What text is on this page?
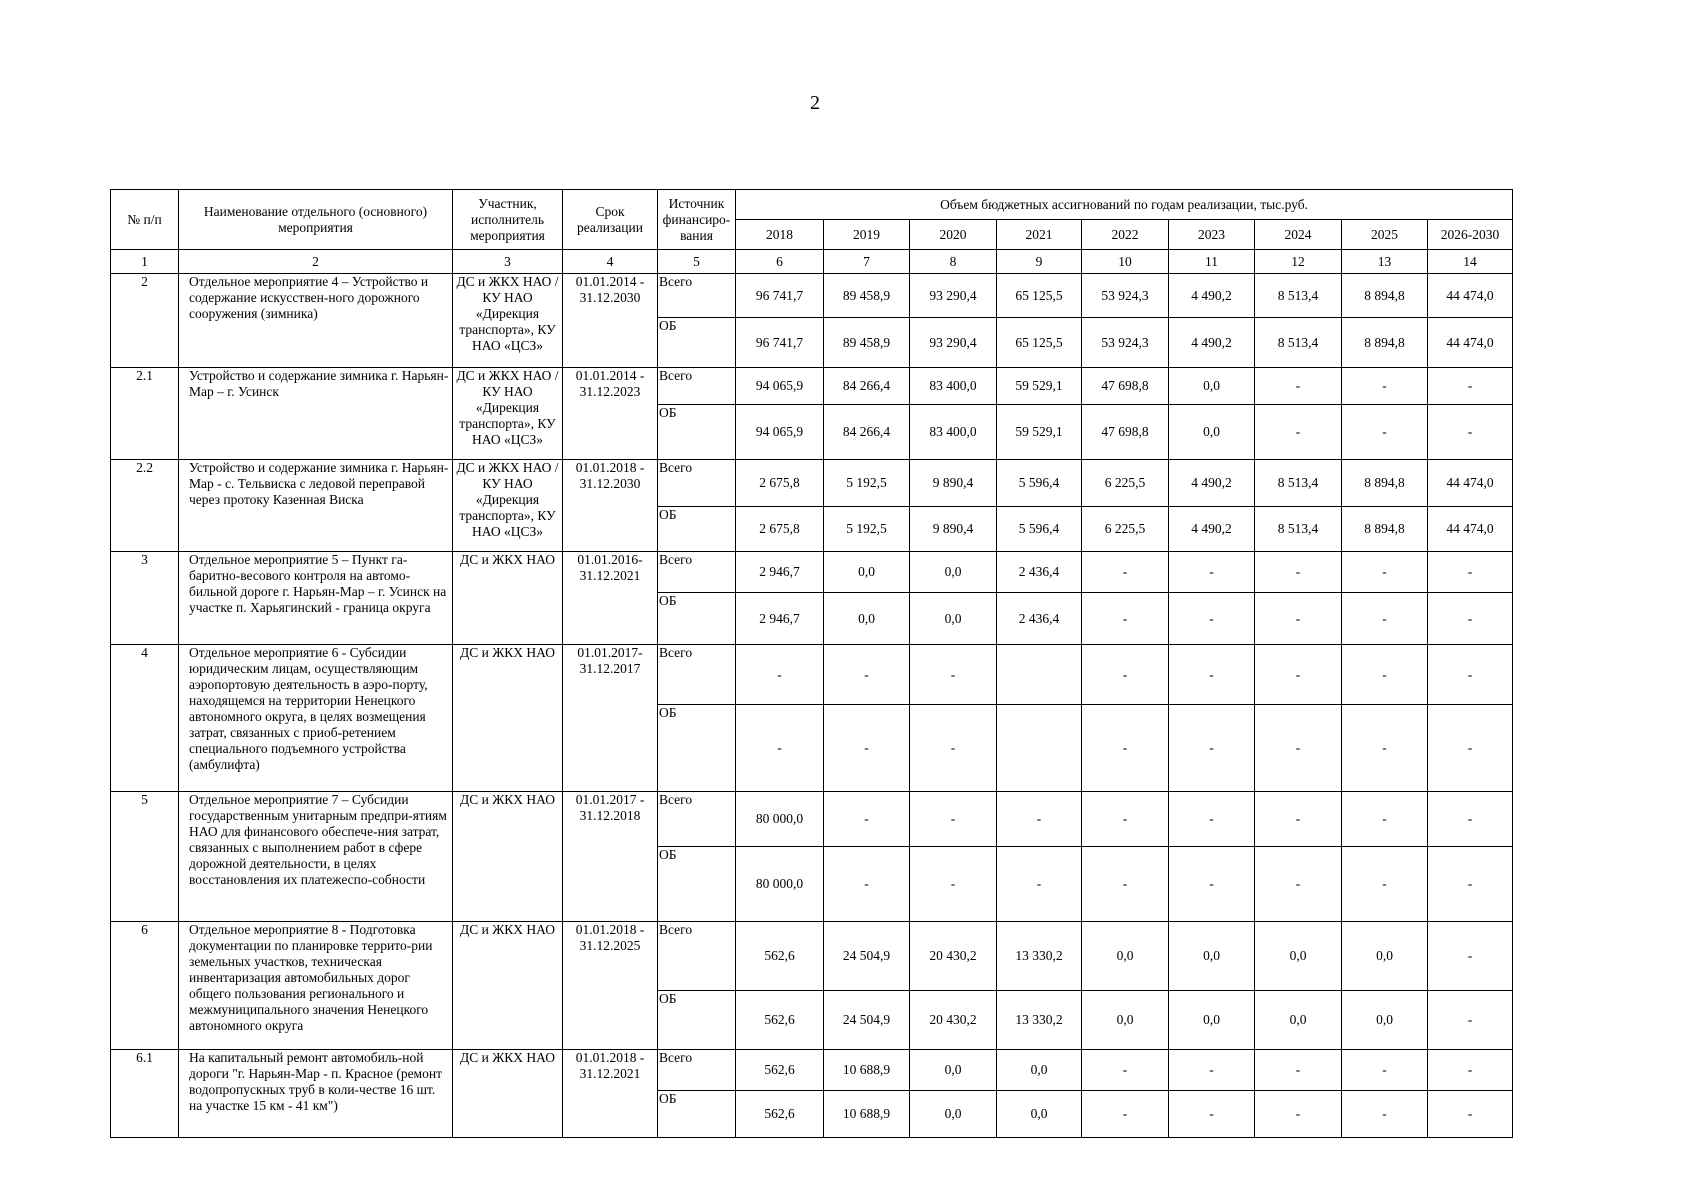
2
№ п/п	Наименование отдельного (основного) мероприятия	Участник, исполнитель мероприятия	Срок реализации	Источник финансиро-вания	Объем бюджетных ассигнований по годам реализации, тыс.руб.								
					2018	2019	2020	2021	2022	2023	2024	2025	2026-2030
1	2	3	4	5	6	7	8	9	10	11	12	13	14
2	Отдельное мероприятие 4 – Устройство и содержание искусствен-ного дорожного сооружения (зимника)	ДС и ЖКХ НАО / КУ НАО «Дирекция транспорта», КУ НАО «ЦСЗ»	01.01.2014 - 31.12.2030	Всего	96 741,7	89 458,9	93 290,4	65 125,5	53 924,3	4 490,2	8 513,4	8 894,8	44 474,0
				ОБ	96 741,7	89 458,9	93 290,4	65 125,5	53 924,3	4 490,2	8 513,4	8 894,8	44 474,0
2.1	Устройство и содержание зимника г. Нарьян-Мар – г. Усинск	ДС и ЖКХ НАО / КУ НАО «Дирекция транспорта», КУ НАО «ЦСЗ»	01.01.2014 - 31.12.2023	Всего	94 065,9	84 266,4	83 400,0	59 529,1	47 698,8	0,0	-	-	-
				ОБ	94 065,9	84 266,4	83 400,0	59 529,1	47 698,8	0,0	-	-	-
2.2	Устройство и содержание зимника г. Нарьян-Мар - с. Тельвиска с ледовой переправой через протоку Казенная Виска	ДС и ЖКХ НАО / КУ НАО «Дирекция транспорта», КУ НАО «ЦСЗ»	01.01.2018 - 31.12.2030	Всего	2 675,8	5 192,5	9 890,4	5 596,4	6 225,5	4 490,2	8 513,4	8 894,8	44 474,0
				ОБ	2 675,8	5 192,5	9 890,4	5 596,4	6 225,5	4 490,2	8 513,4	8 894,8	44 474,0
3	Отдельное мероприятие 5 – Пункт га-баритно-весового контроля на автомо-бильной дороге г. Нарьян-Мар – г. Усинск на участке п. Харьягинский - граница округа	ДС и ЖКХ НАО	01.01.2016- 31.12.2021	Всего	2 946,7	0,0	0,0	2 436,4	-	-	-	-	-
				ОБ	2 946,7	0,0	0,0	2 436,4	-	-	-	-	-
4	Отдельное мероприятие 6 - Субсидии юридическим лицам, осуществляющим аэропортовую деятельность в аэро-порту, находящемся на территории Ненецкого автономного округа, в целях возмещения затрат, связанных с приоб-ретением специального подъемного устройства (амбулифта)	ДС и ЖКХ НАО	01.01.2017- 31.12.2017	Всего	-	-	-		-	-	-	-	-
				ОБ	-	-	-		-	-	-	-	-
5	Отдельное мероприятие 7 – Субсидии государственным унитарным предпри-ятиям НАО для финансового обеспече-ния затрат, связанных с выполнением работ в сфере дорожной деятельности, в целях восстановления их платежеспо-собности	ДС и ЖКХ НАО	01.01.2017 - 31.12.2018	Всего	80 000,0	-	-	-	-	-	-	-	-
				ОБ	80 000,0	-	-	-	-	-	-	-	-
6	Отдельное мероприятие 8 - Подготовка документации по планировке террито-рии земельных участков, техническая инвентаризация автомобильных дорог общего пользования регионального и межмуниципального значения Ненецкого автономного округа	ДС и ЖКХ НАО	01.01.2018 - 31.12.2025	Всего	562,6	24 504,9	20 430,2	13 330,2	0,0	0,0	0,0	0,0	-
				ОБ	562,6	24 504,9	20 430,2	13 330,2	0,0	0,0	0,0	0,0	-
6.1	На капитальный ремонт автомобиль-ной дороги "г. Нарьян-Мар - п. Красное (ремонт водопропускных труб в коли-честве 16 шт. на участке 15 км - 41 км")	ДС и ЖКХ НАО	01.01.2018 - 31.12.2021	Всего	562,6	10 688,9	0,0	0,0	-	-	-	-	-
				ОБ	562,6	10 688,9	0,0	0,0	-	-	-	-	-
